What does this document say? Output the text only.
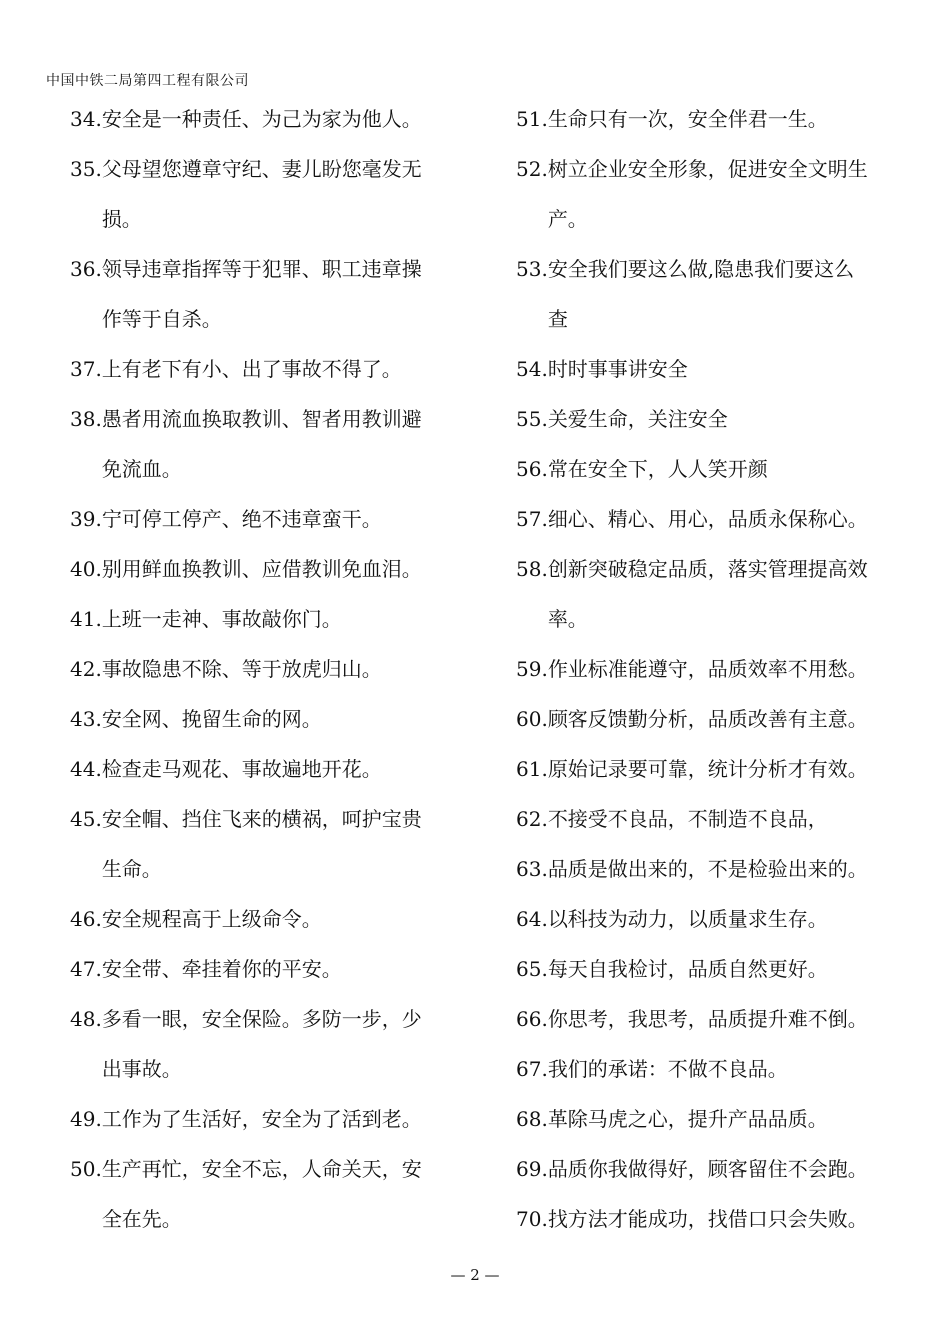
中国中铁二局第四工程有限公司
34. 安全是一种责任、为己为家为他人。
35. 父母望您遵章守纪、妻儿盼您毫发无
损。
36. 领导违章指挥等于犯罪、职工违章操
作等于自杀。
37. 上有老下有小、出了事故不得了。
38. 愚者用流血换取教训、智者用教训避
免流血。
39. 宁可停工停产、绝不违章蛮干。
40. 别用鲜血换教训、应借教训免血泪。
41. 上班一走神、事故敲你门。
42. 事故隐患不除、等于放虎归山。
43. 安全网、挽留生命的网。
44. 检查走马观花、事故遍地开花。
45. 安全帽、挡住飞来的横祸，呵护宝贵
生命。
46. 安全规程高于上级命令。
47. 安全带、牵挂着你的平安。
48. 多看一眼，安全保险。多防一步，少
出事故。
49. 工作为了生活好，安全为了活到老。
50. 生产再忙，安全不忘，人命关天，安
全在先。
51. 生命只有一次，安全伴君一生。
52. 树立企业安全形象，促进安全文明生
产。
53. 安全我们要这么做,隐患我们要这么
查
54. 时时事事讲安全
55. 关爱生命，关注安全
56. 常在安全下，人人笑开颜
57. 细心、精心、用心，品质永保称心。
58. 创新突破稳定品质，落实管理提高效
率。
59. 作业标准能遵守，品质效率不用愁。
60. 顾客反馈勤分析，品质改善有主意。
61. 原始记录要可靠，统计分析才有效。
62. 不接受不良品，不制造不良品，
63. 品质是做出来的，不是检验出来的。
64. 以科技为动力，以质量求生存。
65. 每天自我检讨，品质自然更好。
66. 你思考，我思考，品质提升难不倒。
67. 我们的承诺：不做不良品。
68. 革除马虎之心，提升产品品质。
69. 品质你我做得好，顾客留住不会跑。
70. 找方法才能成功，找借口只会失败。
— 2 —
